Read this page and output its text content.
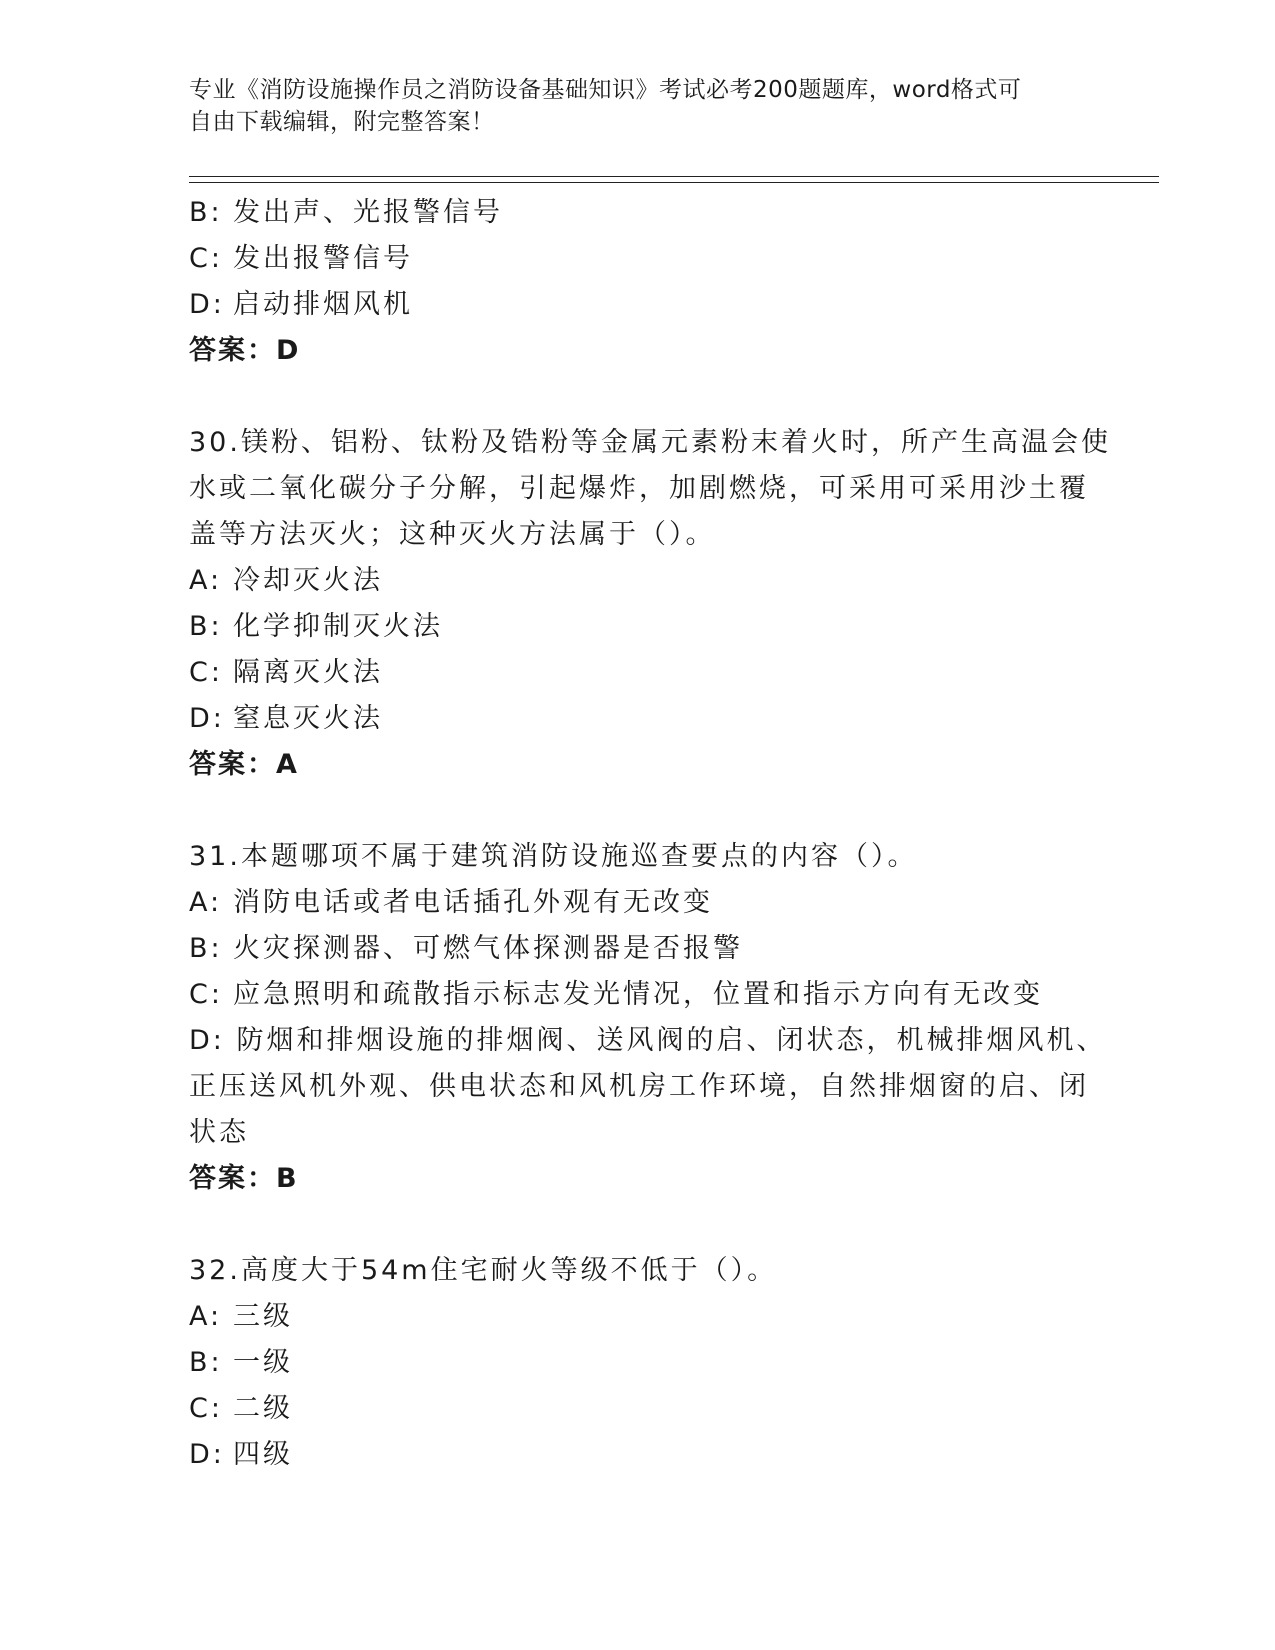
专业《消防设施操作员之消防设备基础知识》考试必考200题题库，word格式可
自由下载编辑，附完整答案！
B: 发出声、光报警信号
C: 发出报警信号
D: 启动排烟风机
答案：D
30.镁粉、铝粉、钛粉及锆粉等金属元素粉末着火时，所产生高温会使
水或二氧化碳分子分解，引起爆炸，加剧燃烧，可采用可采用沙土覆
盖等方法灭火；这种灭火方法属于（）。
A: 冷却灭火法
B: 化学抑制灭火法
C: 隔离灭火法
D: 窒息灭火法
答案：A
31.本题哪项不属于建筑消防设施巡查要点的内容（）。
A: 消防电话或者电话插孔外观有无改变
B: 火灾探测器、可燃气体探测器是否报警
C: 应急照明和疏散指示标志发光情况，位置和指示方向有无改变
D: 防烟和排烟设施的排烟阀、送风阀的启、闭状态，机械排烟风机、
正压送风机外观、供电状态和风机房工作环境，自然排烟窗的启、闭
状态
答案：B
32.高度大于54m住宅耐火等级不低于（）。
A: 三级
B: 一级
C: 二级
D: 四级
